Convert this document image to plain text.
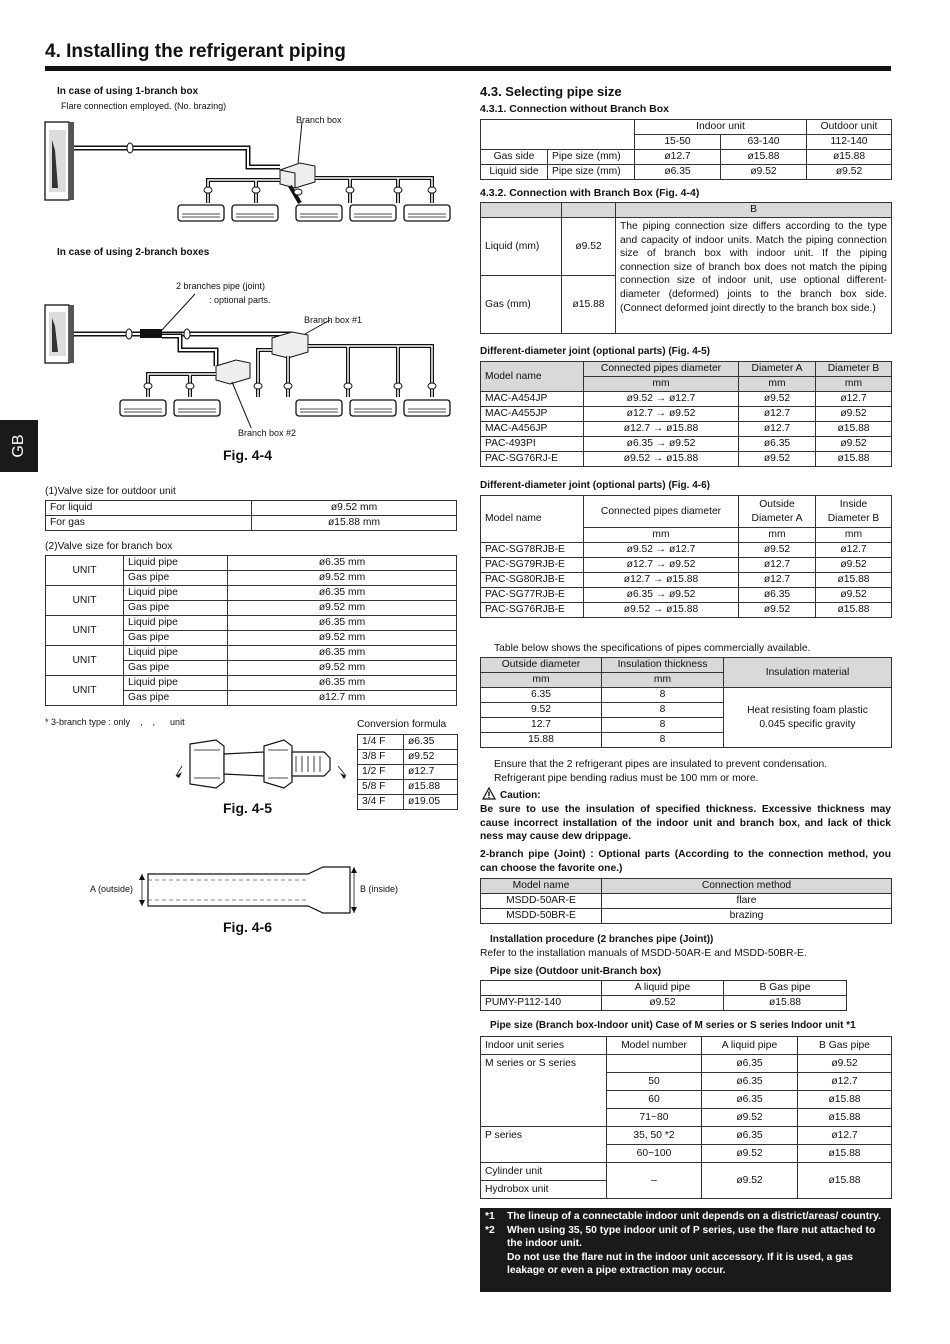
4. Installing the refrigerant piping
GB
In case of using 1-branch box
Flare connection employed. (No. brazing)
Branch box
In case of using 2-branch boxes
2 branches pipe (joint)
: optional parts.
Branch box #1
Branch box #2
Fig. 4-4
(1)Valve size for outdoor unit
For liquid	ø9.52 mm
For gas	ø15.88 mm
(2)Valve size for branch box
UNIT	Liquid pipe	ø6.35 mm
	Gas pipe	ø9.52 mm
UNIT	Liquid pipe	ø6.35 mm
	Gas pipe	ø9.52 mm
UNIT	Liquid pipe	ø6.35 mm
	Gas pipe	ø9.52 mm
UNIT	Liquid pipe	ø6.35 mm
	Gas pipe	ø9.52 mm
UNIT	Liquid pipe	ø6.35 mm
	Gas pipe	ø12.7 mm
* 3-branch type : only    ,    ,      unit
Fig. 4-5
Conversion formula
1/4 F	ø6.35
3/8 F	ø9.52
1/2 F	ø12.7
5/8 F	ø15.88
3/4 F	ø19.05
A (outside)	B (inside)
Fig. 4-6
4.3. Selecting pipe size
4.3.1. Connection without Branch Box
		Indoor unit		Outdoor unit
		15-50	63-140	112-140
Gas side	Pipe size (mm)	ø12.7	ø15.88	ø15.88
Liquid side	Pipe size (mm)	ø6.35	ø9.52	ø9.52
4.3.2. Connection with Branch Box (Fig. 4-4)
		B
Liquid (mm)	ø9.52	The piping connection size differs according to the type and capacity of indoor units. Match the piping connection size of branch box with indoor unit. If the piping connection size of branch box does not match the piping connection size of indoor unit, use optional different-diameter (deformed) joints to the branch box side. (Connect deformed joint directly to the branch box side.)
Gas (mm)	ø15.88	
Different-diameter joint (optional parts) (Fig. 4-5)
Model name	Connected pipes diameter	Diameter A	Diameter B
	mm	mm	mm
MAC-A454JP	ø9.52 → ø12.7	ø9.52	ø12.7
MAC-A455JP	ø12.7 → ø9.52	ø12.7	ø9.52
MAC-A456JP	ø12.7 → ø15.88	ø12.7	ø15.88
PAC-493PI	ø6.35 → ø9.52	ø6.35	ø9.52
PAC-SG76RJ-E	ø9.52 → ø15.88	ø9.52	ø15.88
Different-diameter joint (optional parts) (Fig. 4-6)
Model name	Connected pipes diameter	Outside Diameter A	Inside Diameter B
	mm	mm	mm
PAC-SG78RJB-E	ø9.52 → ø12.7	ø9.52	ø12.7
PAC-SG79RJB-E	ø12.7 → ø9.52	ø12.7	ø9.52
PAC-SG80RJB-E	ø12.7 → ø15.88	ø12.7	ø15.88
PAC-SG77RJB-E	ø6.35 → ø9.52	ø6.35	ø9.52
PAC-SG76RJB-E	ø9.52 → ø15.88	ø9.52	ø15.88
Table below shows the specifications of pipes commercially available.
Outside diameter	Insulation thickness	Insulation material
mm	mm	
6.35	8	Heat resisting foam plastic 0.045 specific gravity
9.52	8	
12.7	8	
15.88	8	
Ensure that the 2 refrigerant pipes are insulated to prevent condensation.
Refrigerant pipe bending radius must be 100 mm or more.
Caution:
Be sure to use the insulation of specified thickness. Excessive thickness may cause incorrect installation of the indoor unit and branch box, and lack of thick ness may cause dew drippage.
2-branch pipe (Joint) : Optional parts (According to the connection method, you can choose the favorite one.)
Model name	Connection method
MSDD-50AR-E	flare
MSDD-50BR-E	brazing
Installation procedure (2 branches pipe (Joint))
Refer to the installation manuals of MSDD-50AR-E and MSDD-50BR-E.
Pipe size (Outdoor unit-Branch box)
	A liquid pipe	B Gas pipe
PUMY-P112-140	ø9.52	ø15.88
Pipe size (Branch box-Indoor unit) Case of M series or S series Indoor unit *1
Indoor unit series	Model number	A liquid pipe	B Gas pipe
M series or S series		ø6.35	ø9.52
	50	ø6.35	ø12.7
	60	ø6.35	ø15.88
	71~80	ø9.52	ø15.88
P series	35, 50 *2	ø6.35	ø12.7
	60~100	ø9.52	ø15.88
Cylinder unit	–	ø9.52	ø15.88
Hydrobox unit			
*1	The lineup of a connectable indoor unit depends on a district/areas/ country.
*2	When using 35, 50 type indoor unit of P series, use the flare nut attached to the indoor unit.
Do not use the flare nut in the indoor unit accessory. If it is used, a gas leakage or even a pipe extraction may occur.
